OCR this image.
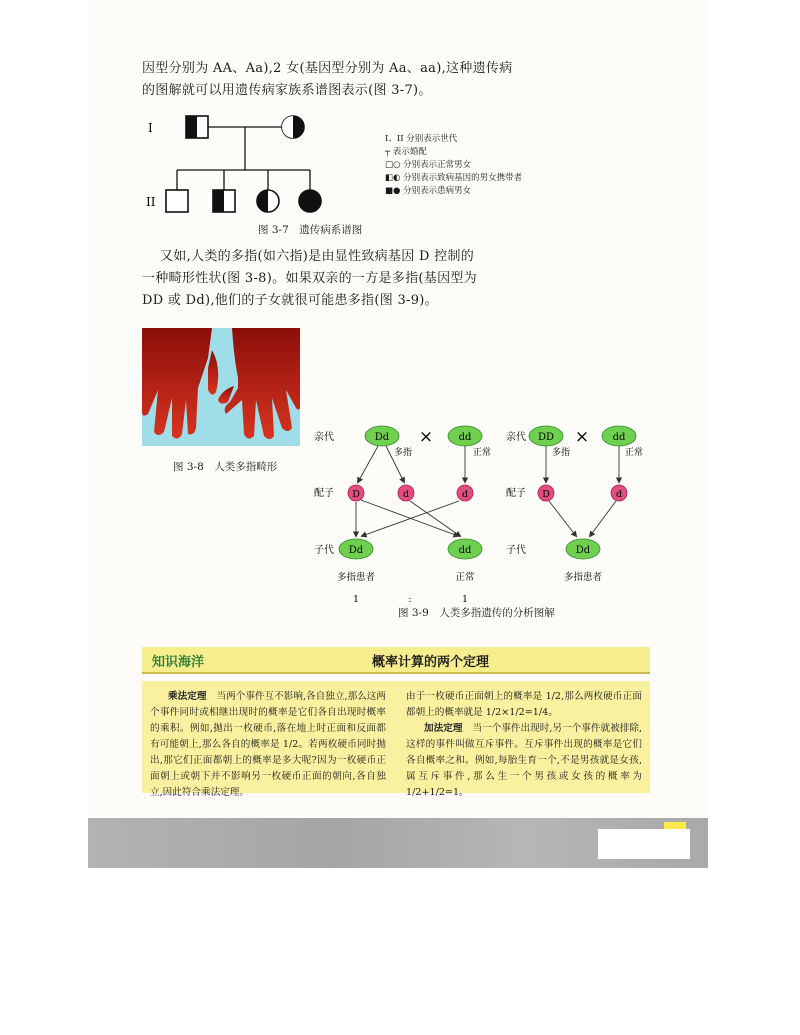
因型分别为 AA、Aa),2 女(基因型分别为 Aa、aa),这种遗传病
的图解就可以用遗传病家族系谱图表示(图 3-7)。
I
II
I、II 分别表示世代
┬ 表示婚配
□○ 分别表示正常男女
◧◐ 分别表示致病基因的男女携带者
■● 分别表示患病男女
图 3-7　遗传病系谱图
又如,人类的多指(如六指)是由显性致病基因 D 控制的
一种畸形性状(图 3-8)。如果双亲的一方是多指(基因型为
DD 或 Dd),他们的子女就很可能患多指(图 3-9)。
图 3-8　人类多指畸形
亲代	Dd ×	dd
多指	正常
配子 D	d	d
子代 Dd	dd
多指患者	正常
1	:	1
亲代 DD × dd
多指	正常
配子 D	d
子代	Dd
多指患者
图 3-9　人类多指遗传的分析图解
知识海洋	概率计算的两个定理
乘法定理 当两个事件互不影响,各自独立,那么这两个事件同时或相继出现时的概率是它们各自出现时概率的乘积。例如,抛出一枚硬币,落在地上时正面和反面都有可能朝上,那么各自的概率是 1/2。若两枚硬币同时抛出,那它们正面都朝上的概率是多大呢?因为一枚硬币正面朝上或朝下并不影响另一枚硬币正面的朝向,各自独立,因此符合乘法定理。
由于一枚硬币正面朝上的概率是 1/2,那么两枚硬币正面都朝上的概率就是 1/2×1/2=1/4。
加法定理 当一个事件出现时,另一个事件就被排除,这样的事件叫做互斥事件。互斥事件出现的概率是它们各自概率之和。例如,每胎生育一个,不是男孩就是女孩,属互斥事件,那么生一个男孩或女孩的概率为 1/2+1/2=1。
